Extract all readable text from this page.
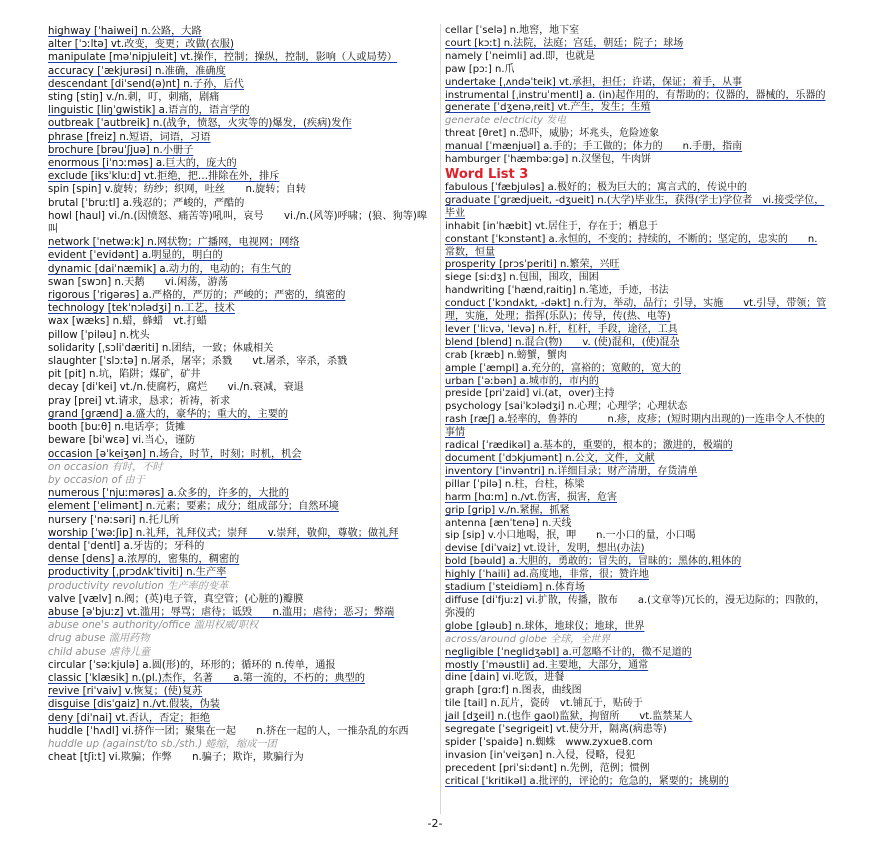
highway [ˈhaiwei] n.公路，大路

alter [ˈɔːltə] vt.改变，变更；改做(衣服)

manipulate [məˈnipjuleit] vt.操作，控制；操纵，控制，影响（人或局势）

accuracy [ˈækjurəsi] n.准确，准确度

descendant [diˈsend(ə)nt] n.子孙，后代

sting [stiŋ] v./n.刺，叮，刺痛，剧痛

linguistic [liŋˈgwistik] a.语言的，语言学的

outbreak [ˈautbreik] n.(战争，愤怒，火灾等的)爆发，(疾病)发作

phrase [freiz] n.短语，词语，习语

brochure [brəuˈʃjuə] n.小册子

enormous [iˈnɔːməs] a.巨大的，庞大的

exclude [iksˈkluːd] vt.拒绝，把…排除在外，排斥

spin [spin] v.旋转；纺纱；织网，吐丝　　n.旋转；自转

brutal [ˈbruːtl] a.残忍的；严峻的，严酷的

howl [haul] vi./n.(因愤怒、痛苦等)吼叫，哀号　　vi./n.(风等)呼啸；(狼、狗等)嗥叫

network [ˈnetwəːk] n.网状物；广播网，电视网；网络

evident [ˈevidənt] a.明显的，明白的

dynamic [daiˈnæmik] a.动力的，电动的；有生气的

swan [swɔn] n.天鹅　　vi.闲荡，游荡

rigorous [ˈrigərəs] a.严格的，严厉的；严峻的；严密的，缜密的

technology [tekˈnɔlədʒi] n.工艺，技术

wax [wæks] n.蜡，蜂蜡　vt.打蜡

pillow [ˈpiləu] n.枕头

solidarity [ˌsɔliˈdæriti] n.团结，一致；休戚相关

slaughter [ˈslɔːtə] n.屠杀，屠宰；杀戮　　vt.屠杀，宰杀，杀戮

pit [pit] n.坑，陷阱；煤矿，矿井

decay [diˈkei] vt./n.使腐朽，腐烂　　vi./n.衰减，衰退

pray [prei] vt.请求，恳求；祈祷，祈求

grand [grænd] a.盛大的，豪华的；重大的，主要的

booth [buːθ] n.电话亭；货摊

beware [biˈwεə] vi.当心，谨防

occasion [əˈkeiʒən] n.场合，时节，时刻；时机，机会

on occasion 有时，不时

by occasion of 由于

numerous [ˈnjuːmərəs] a.众多的，许多的，大批的

element [ˈelimənt] n.元素；要素；成分；组成部分；自然环境

nursery [ˈnəːsəri] n.托儿所

worship [ˈwəːʃip] n.礼拜，礼拜仪式；崇拜　　v.崇拜，敬仰，尊敬；做礼拜

dental [ˈdentl] a.牙齿的；牙科的

dense [dens] a.浓厚的，密集的，稠密的

productivity [ˌprɔdʌkˈtiviti] n.生产率

productivity revolution 生产率的变革

valve [vælv] n.阀；(英)电子管，真空管；(心脏的)瓣膜

abuse [əˈbjuːz] vt.滥用；辱骂；虐待；诋毁　　n.滥用；虐待；恶习；弊端

abuse one's authority/office 滥用权威/职权

drug abuse 滥用药物

child abuse 虐待儿童

circular [ˈsəːkjulə] a.圆(形)的，环形的；循环的 n.传单，通报

classic [ˈklæsik] n.(pl.)杰作，名著　　a.第一流的，不朽的；典型的

revive [riˈvaiv] v.恢复；(使)复苏

disguise [disˈgaiz] n./vt.假装，伪装

deny [diˈnai] vt.否认，否定；拒绝

huddle [ˈhʌdl] vi.挤作一团；聚集在一起　　n.挤在一起的人，一推杂乱的东西

huddle up (against/to sb./sth.) 蜷缩，缩成一团

cheat [tʃiːt] vi.欺骗；作弊　　n.骗子；欺诈，欺骗行为

cellar [ˈselə] n.地窖，地下室

court [kɔːt] n.法院，法庭；宫廷，朝廷；院子；球场

namely [ˈneimli] ad.即，也就是

paw [pɔː] n.爪

undertake [ˌʌndəˈteik] vt.承担，担任；许诺，保证；着手，从事

instrumental [ˌinstruˈmentl] a. (in)起作用的，有帮助的；仪器的，器械的，乐器的

generate [ˈdʒenəˌreit] vt.产生，发生；生殖

generate electricity 发电

threat [θret] n.恐吓，威胁；坏兆头，危险迹象

manual [ˈmænjuəl] a.手的；手工做的；体力的　　n.手册，指南

hamburger [ˈhæmbəːgə] n.汉堡包，牛肉饼

Word List 3

fabulous [ˈfæbjuləs] a.极好的；极为巨大的；寓言式的，传说中的

graduate [ˈgrædjueit, -dʒueit] n.(大学)毕业生，获得(学士)学位者　vi.接受学位，毕业

inhabit [inˈhæbit] vt.居住于，存在于；栖息于

constant [ˈkɔnstənt] a.永恒的，不变的；持续的，不断的；坚定的，忠实的　　n.常数，恒量

prosperity [prɔsˈperiti] n.繁荣，兴旺

siege [siːdʒ] n.包围，围攻，围困

handwriting [ˈhændˌraitiŋ] n.笔迹，手迹，书法

conduct [ˈkɔndʌkt, -dəkt] n.行为，举动，品行；引导，实施　　vt.引导，带领；管理，实施，处理；指挥(乐队)；传导，传(热、电等)

lever [ˈliːvə, ˈlevə] n.杆，杠杆，手段，途径，工具

blend [blend] n.混合(物)　　v. (使)混和，(使)混杂

crab [kræb] n.螃蟹，蟹肉

ample [ˈæmpl] a.充分的，富裕的；宽敞的，宽大的

urban [ˈəːbən] a.城市的，市内的

preside [priˈzaid] vi.(at，over)主持

psychology [saiˈkɔlədʒi] n.心理；心理学；心理状态

rash [ræʃ] a.轻率的，鲁莽的　　　n.疹，皮疹；(短时期内出现的)一连串令人不快的事情

radical [ˈrædikəl] a.基本的，重要的，根本的；激进的，极端的

document [ˈdɔkjumənt] n.公文，文件，文献

inventory [ˈinvəntri] n.详细目录；财产清册，存货清单

pillar [ˈpilə] n.柱，台柱，栋梁

harm [hɑːm] n./vt.伤害，损害，危害

grip [grip] v./n.紧握，抓紧

antenna [ænˈtenə] n.天线

sip [sip] v.小口地喝，抿，呷　　n.一小口的量，小口喝

devise [diˈvaiz] vt.设计，发明，想出(办法)

bold [bəuld] a.大胆的，勇敢的；冒失的，冒昧的；黑体的,粗体的

highly [ˈhaili] ad.高度地，非常，很；赞许地

stadium [ˈsteidiəm] n.体育场

diffuse [diˈfjuːz] vi.扩散，传播，散布　　a.(文章等)冗长的，漫无边际的；四散的，弥漫的

globe [gləub] n.球体，地球仪；地球，世界

across/around globe 全球，全世界

negligible [ˈneglidʒəbl] a.可忽略不计的，微不足道的

mostly [ˈməustli] ad.主要地，大部分，通常

dine [dain] vi.吃饭，进餐

graph [grɑːf] n.图表，曲线图

tile [tail] n.瓦片，瓷砖　vt.铺瓦于，贴砖于

jail [dʒeil] n.(也作 gaol)监狱，拘留所　　vt.监禁某人

segregate [ˈsegrigeit] vt.使分开，隔离(病患等)

spider [ˈspaidə] n.蜘蛛　www.zyxue8.com

invasion [inˈveiʒən] n.入侵，侵略，侵犯

precedent [priˈsiːdənt] n.先例，范例；惯例

critical [ˈkritikəl] a.批评的，评论的；危急的，紧要的；挑剔的

-2-
